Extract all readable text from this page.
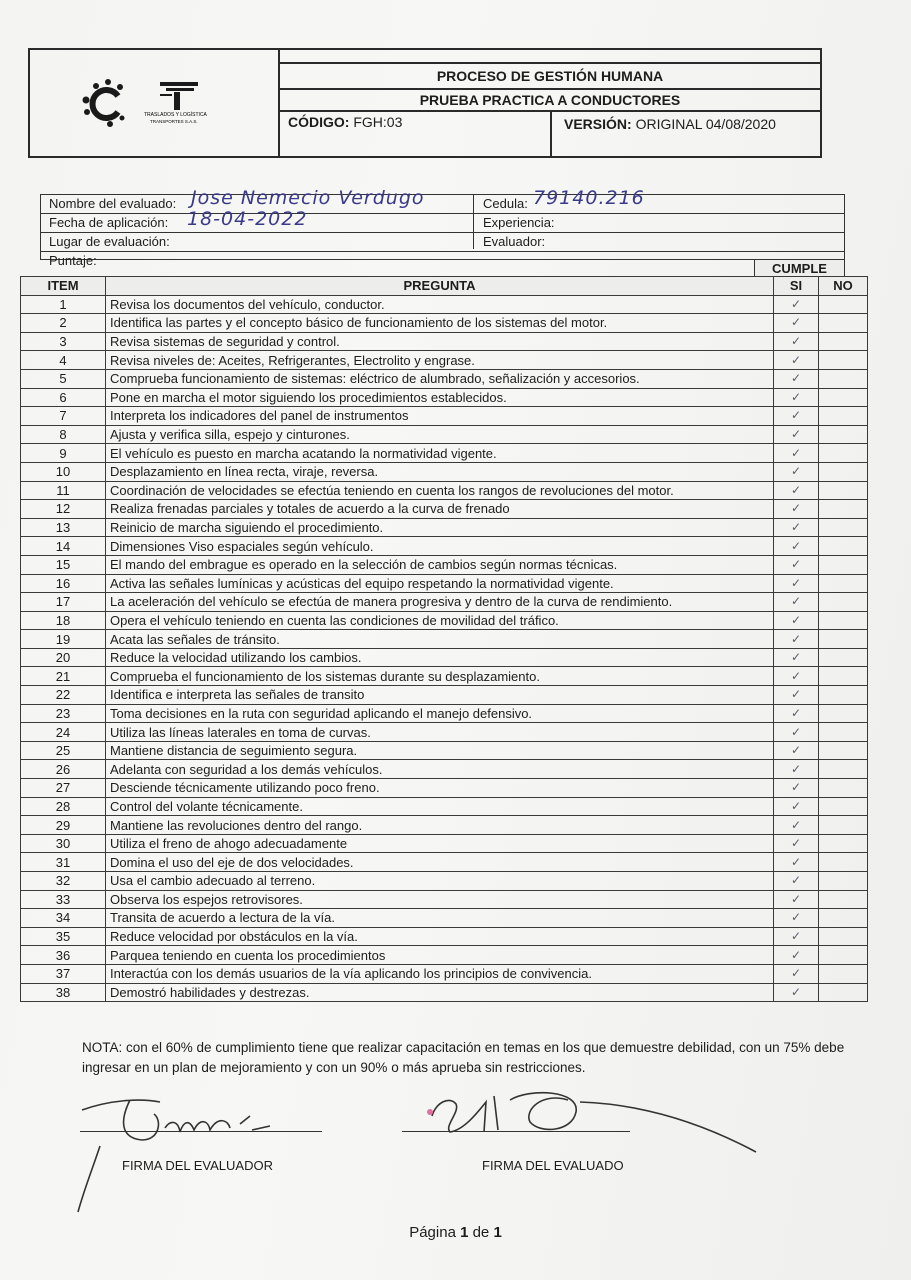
TRASLADOS Y LOGÍSTICA
TRANSPORTES S.A.S.
PROCESO DE GESTIÓN HUMANA
PRUEBA PRACTICA A CONDUCTORES
CÓDIGO: FGH:03	VERSIÓN: ORIGINAL 04/08/2020
Nombre del evaluado: Jose Nemecio Verdugo	Cedula: 79140.216
Fecha de aplicación: 18-04-2022	Experiencia:
Lugar de evaluación:	Evaluador:
Puntaje:
CUMPLE
ITEM	PREGUNTA	SI	NO
1	Revisa los documentos del vehículo, conductor.	✓	
2	Identifica las partes y el concepto básico de funcionamiento de los sistemas del motor.	✓	
3	Revisa sistemas de seguridad y control.	✓	
4	Revisa niveles de: Aceites, Refrigerantes, Electrolito y engrase.	✓	
5	Comprueba funcionamiento de sistemas: eléctrico de alumbrado, señalización y accesorios.	✓	
6	Pone en marcha el motor siguiendo los procedimientos establecidos.	✓	
7	Interpreta los indicadores del panel de instrumentos	✓	
8	Ajusta y verifica silla, espejo y cinturones.	✓	
9	El vehículo es puesto en marcha acatando la normatividad vigente.	✓	
10	Desplazamiento en línea recta, viraje, reversa.	✓	
11	Coordinación de velocidades se efectúa teniendo en cuenta los rangos de revoluciones del motor.	✓	
12	Realiza frenadas parciales y totales de acuerdo a la curva de frenado	✓	
13	Reinicio de marcha siguiendo el procedimiento.	✓	
14	Dimensiones Viso espaciales según vehículo.	✓	
15	El mando del embrague es operado en la selección de cambios según normas técnicas.	✓	
16	Activa las señales lumínicas y acústicas del equipo respetando la normatividad vigente.	✓	
17	La aceleración del vehículo se efectúa de manera progresiva y dentro de la curva de rendimiento.	✓	
18	Opera el vehículo teniendo en cuenta las condiciones de movilidad del tráfico.	✓	
19	Acata las señales de tránsito.	✓	
20	Reduce la velocidad utilizando los cambios.	✓	
21	Comprueba el funcionamiento de los sistemas durante su desplazamiento.	✓	
22	Identifica e interpreta las señales de transito	✓	
23	Toma decisiones en la ruta con seguridad aplicando el manejo defensivo.	✓	
24	Utiliza las líneas laterales en toma de curvas.	✓	
25	Mantiene distancia de seguimiento segura.	✓	
26	Adelanta con seguridad a los demás vehículos.	✓	
27	Desciende técnicamente utilizando poco freno.	✓	
28	Control del volante técnicamente.	✓	
29	Mantiene las revoluciones dentro del rango.	✓	
30	Utiliza el freno de ahogo adecuadamente	✓	
31	Domina el uso del eje de dos velocidades.	✓	
32	Usa el cambio adecuado al terreno.	✓	
33	Observa los espejos retrovisores.	✓	
34	Transita de acuerdo a lectura de la vía.	✓	
35	Reduce velocidad por obstáculos en la vía.	✓	
36	Parquea teniendo en cuenta los procedimientos	✓	
37	Interactúa con los demás usuarios de la vía aplicando los principios de convivencia.	✓	
38	Demostró habilidades y destrezas.	✓	
NOTA: con el 60% de cumplimiento tiene que realizar capacitación en temas en los que demuestre debilidad, con un 75% debe ingresar en un plan de mejoramiento y con un 90% o más aprueba sin restricciones.
FIRMA DEL EVALUADOR	FIRMA DEL EVALUADO
Página 1 de 1
